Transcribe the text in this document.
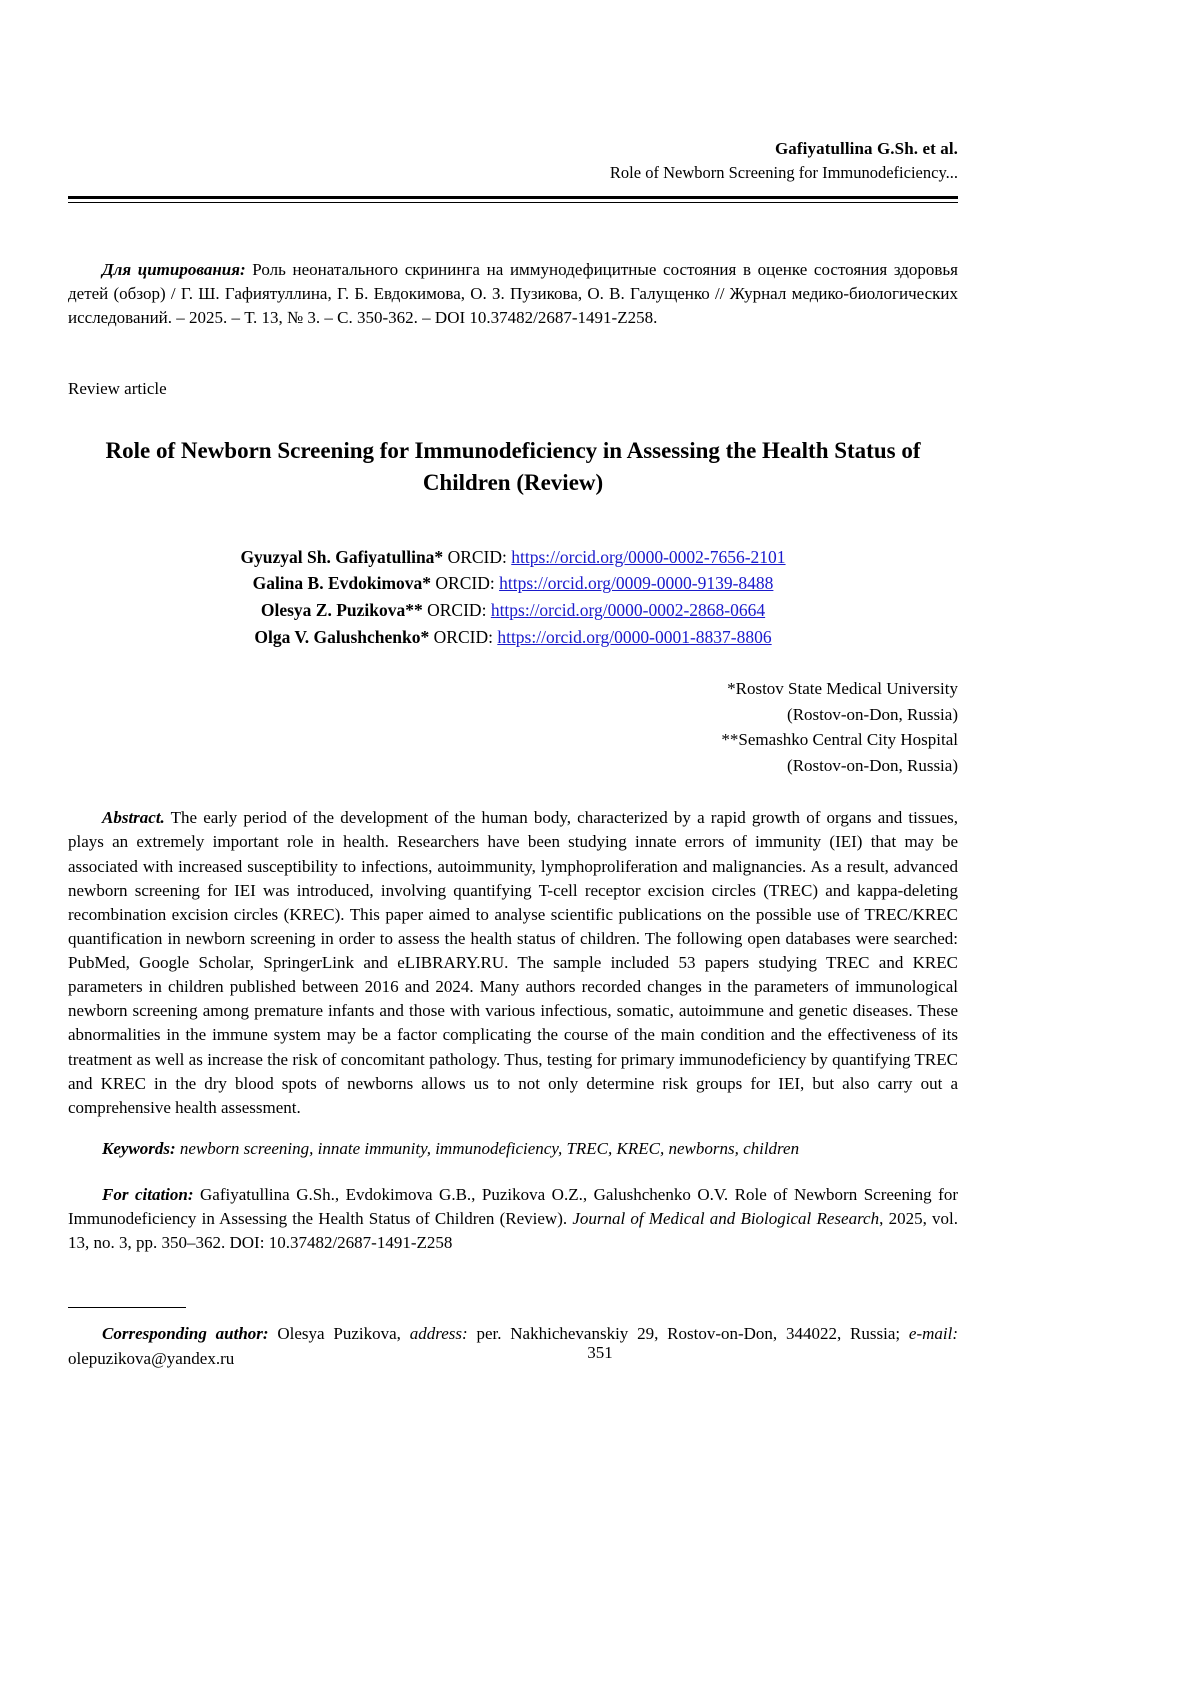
Gafiyatullina G.Sh. et al.
Role of Newborn Screening for Immunodeficiency...

Для цитирования: Роль неонатального скрининга на иммунодефицитные состояния в оценке состояния здоровья детей (обзор) / Г. Ш. Гафиятуллина, Г. Б. Евдокимова, О. З. Пузикова, О. В. Галущенко // Журнал медико-биологических исследований. – 2025. – Т. 13, № 3. – С. 350-362. – DOI 10.37482/2687-1491-Z258.

Review article
Role of Newborn Screening for Immunodeficiency in Assessing the Health Status of Children (Review)
Gyuzyal Sh. Gafiyatullina* ORCID: https://orcid.org/0000-0002-7656-2101
Galina B. Evdokimova* ORCID: https://orcid.org/0009-0000-9139-8488
Olesya Z. Puzikova** ORCID: https://orcid.org/0000-0002-2868-0664
Olga V. Galushchenko* ORCID: https://orcid.org/0000-0001-8837-8806
*Rostov State Medical University
(Rostov-on-Don, Russia)
**Semashko Central City Hospital
(Rostov-on-Don, Russia)

Abstract. The early period of the development of the human body, characterized by a rapid growth of organs and tissues, plays an extremely important role in health. Researchers have been studying innate errors of immunity (IEI) that may be associated with increased susceptibility to infections, autoimmunity, lymphoproliferation and malignancies. As a result, advanced newborn screening for IEI was introduced, involving quantifying T-cell receptor excision circles (TREC) and kappa-deleting recombination excision circles (KREC). This paper aimed to analyse scientific publications on the possible use of TREC/KREC quantification in newborn screening in order to assess the health status of children. The following open databases were searched: PubMed, Google Scholar, SpringerLink and eLIBRARY.RU. The sample included 53 papers studying TREC and KREC parameters in children published between 2016 and 2024. Many authors recorded changes in the parameters of immunological newborn screening among premature infants and those with various infectious, somatic, autoimmune and genetic diseases. These abnormalities in the immune system may be a factor complicating the course of the main condition and the effectiveness of its treatment as well as increase the risk of concomitant pathology. Thus, testing for primary immunodeficiency by quantifying TREC and KREC in the dry blood spots of newborns allows us to not only determine risk groups for IEI, but also carry out a comprehensive health assessment.

Keywords: newborn screening, innate immunity, immunodeficiency, TREC, KREC, newborns, children

For citation: Gafiyatullina G.Sh., Evdokimova G.B., Puzikova O.Z., Galushchenko O.V. Role of Newborn Screening for Immunodeficiency in Assessing the Health Status of Children (Review). Journal of Medical and Biological Research, 2025, vol. 13, no. 3, pp. 350–362. DOI: 10.37482/2687-1491-Z258

Corresponding author: Olesya Puzikova, address: per. Nakhichevanskiy 29, Rostov-on-Don, 344022, Russia; e-mail: olepuzikova@yandex.ru	351
